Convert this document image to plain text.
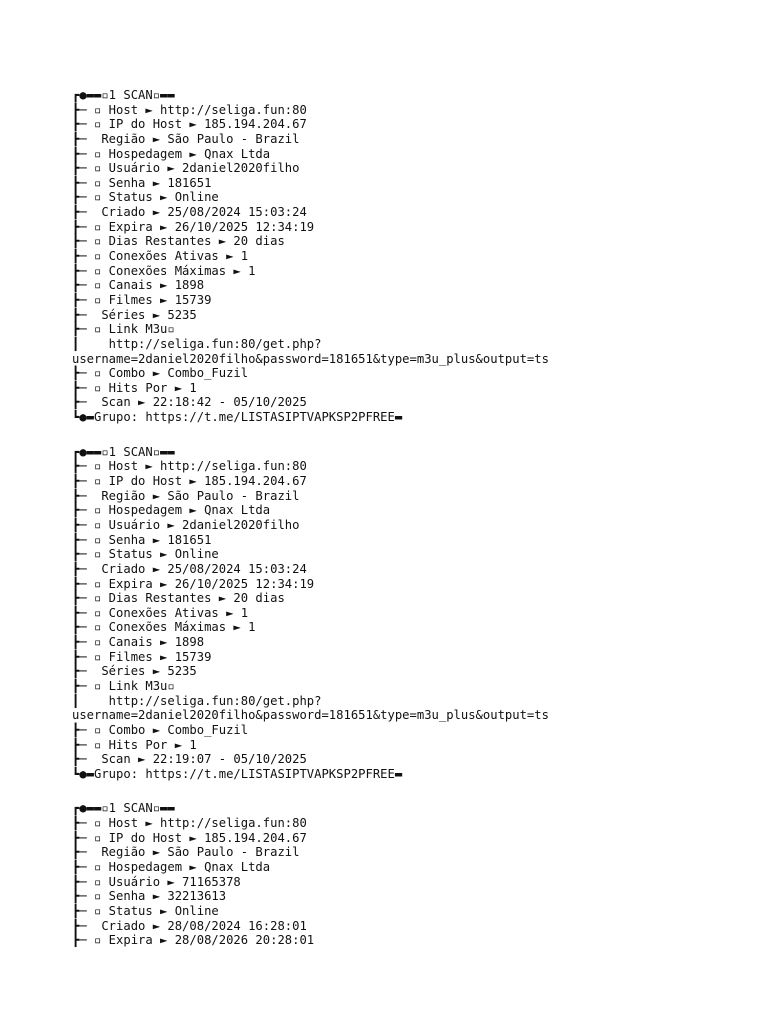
┏●▬▬▫1 SCAN▫▬▬
┣─ ▫ Host ► http://seliga.fun:80
┣─ ▫ IP do Host ► 185.194.204.67
┣─  Região ► São Paulo - Brazil
┣─ ▫ Hospedagem ► Qnax Ltda
┣─ ▫ Usuário ► 2daniel2020filho
┣─ ▫ Senha ► 181651
┣─ ▫ Status ► Online
┣─  Criado ► 25/08/2024 15:03:24
┣─ ▫ Expira ► 26/10/2025 12:34:19
┣─ ▫ Dias Restantes ► 20 dias
┣─ ▫ Conexões Ativas ► 1
┣─ ▫ Conexões Máximas ► 1
┣─ ▫ Canais ► 1898
┣─ ▫ Filmes ► 15739
┣─  Séries ► 5235
┣─ ▫ Link M3u▫
┃    http://seliga.fun:80/get.php?
username=2daniel2020filho&password=181651&type=m3u_plus&output=ts
┣─ ▫ Combo ► Combo_Fuzil
┣─ ▫ Hits Por ► 1
┣─  Scan ► 22:18:42 - 05/10/2025
┗●▬Grupo: https://t.me/LISTASIPTVAPKSP2PFREE▬
┏●▬▬▫1 SCAN▫▬▬
┣─ ▫ Host ► http://seliga.fun:80
┣─ ▫ IP do Host ► 185.194.204.67
┣─  Região ► São Paulo - Brazil
┣─ ▫ Hospedagem ► Qnax Ltda
┣─ ▫ Usuário ► 2daniel2020filho
┣─ ▫ Senha ► 181651
┣─ ▫ Status ► Online
┣─  Criado ► 25/08/2024 15:03:24
┣─ ▫ Expira ► 26/10/2025 12:34:19
┣─ ▫ Dias Restantes ► 20 dias
┣─ ▫ Conexões Ativas ► 1
┣─ ▫ Conexões Máximas ► 1
┣─ ▫ Canais ► 1898
┣─ ▫ Filmes ► 15739
┣─  Séries ► 5235
┣─ ▫ Link M3u▫
┃    http://seliga.fun:80/get.php?
username=2daniel2020filho&password=181651&type=m3u_plus&output=ts
┣─ ▫ Combo ► Combo_Fuzil
┣─ ▫ Hits Por ► 1
┣─  Scan ► 22:19:07 - 05/10/2025
┗●▬Grupo: https://t.me/LISTASIPTVAPKSP2PFREE▬
┏●▬▬▫1 SCAN▫▬▬
┣─ ▫ Host ► http://seliga.fun:80
┣─ ▫ IP do Host ► 185.194.204.67
┣─  Região ► São Paulo - Brazil
┣─ ▫ Hospedagem ► Qnax Ltda
┣─ ▫ Usuário ► 71165378
┣─ ▫ Senha ► 32213613
┣─ ▫ Status ► Online
┣─  Criado ► 28/08/2024 16:28:01
┣─ ▫ Expira ► 28/08/2026 20:28:01
